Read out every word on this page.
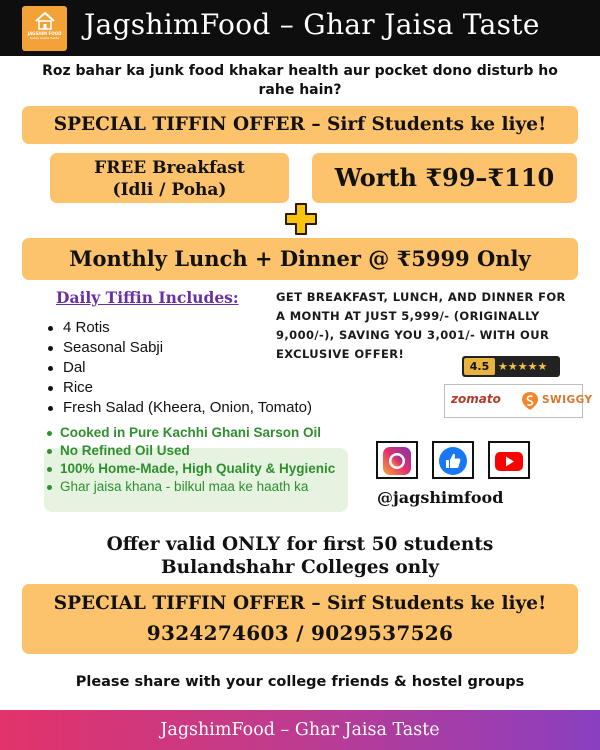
JAGSHIM FOOD
home made taste JagshimFood – Ghar Jaisa Taste
Roz bahar ka junk food khakar health aur pocket dono disturb ho rahe hain?
SPECIAL TIFFIN OFFER – Sirf Students ke liye!
FREE Breakfast
(Idli / Poha)	Worth ₹99–₹110
Monthly Lunch + Dinner @ ₹5999 Only
Daily Tiffin Includes:
4 Rotis
Seasonal Sabji
Dal
Rice
Fresh Salad (Kheera, Onion, Tomato)
Cooked in Pure Kachhi Ghani Sarson Oil
No Refined Oil Used
100% Home-Made, High Quality & Hygienic
Ghar jaisa khana - bilkul maa ke haath ka
GET BREAKFAST, LUNCH, AND DINNER FOR A MONTH AT JUST 5,999/- (ORIGINALLY 9,000/-), SAVING YOU 3,001/- WITH OUR EXCLUSIVE OFFER!
4.5 ★★★★★
zomato	SWIGGY
@jagshimfood
Offer valid ONLY for first 50 students
Bulandshahr Colleges only
SPECIAL TIFFIN OFFER – Sirf Students ke liye!
9324274603 / 9029537526
Please share with your college friends & hostel groups
JagshimFood – Ghar Jaisa Taste
